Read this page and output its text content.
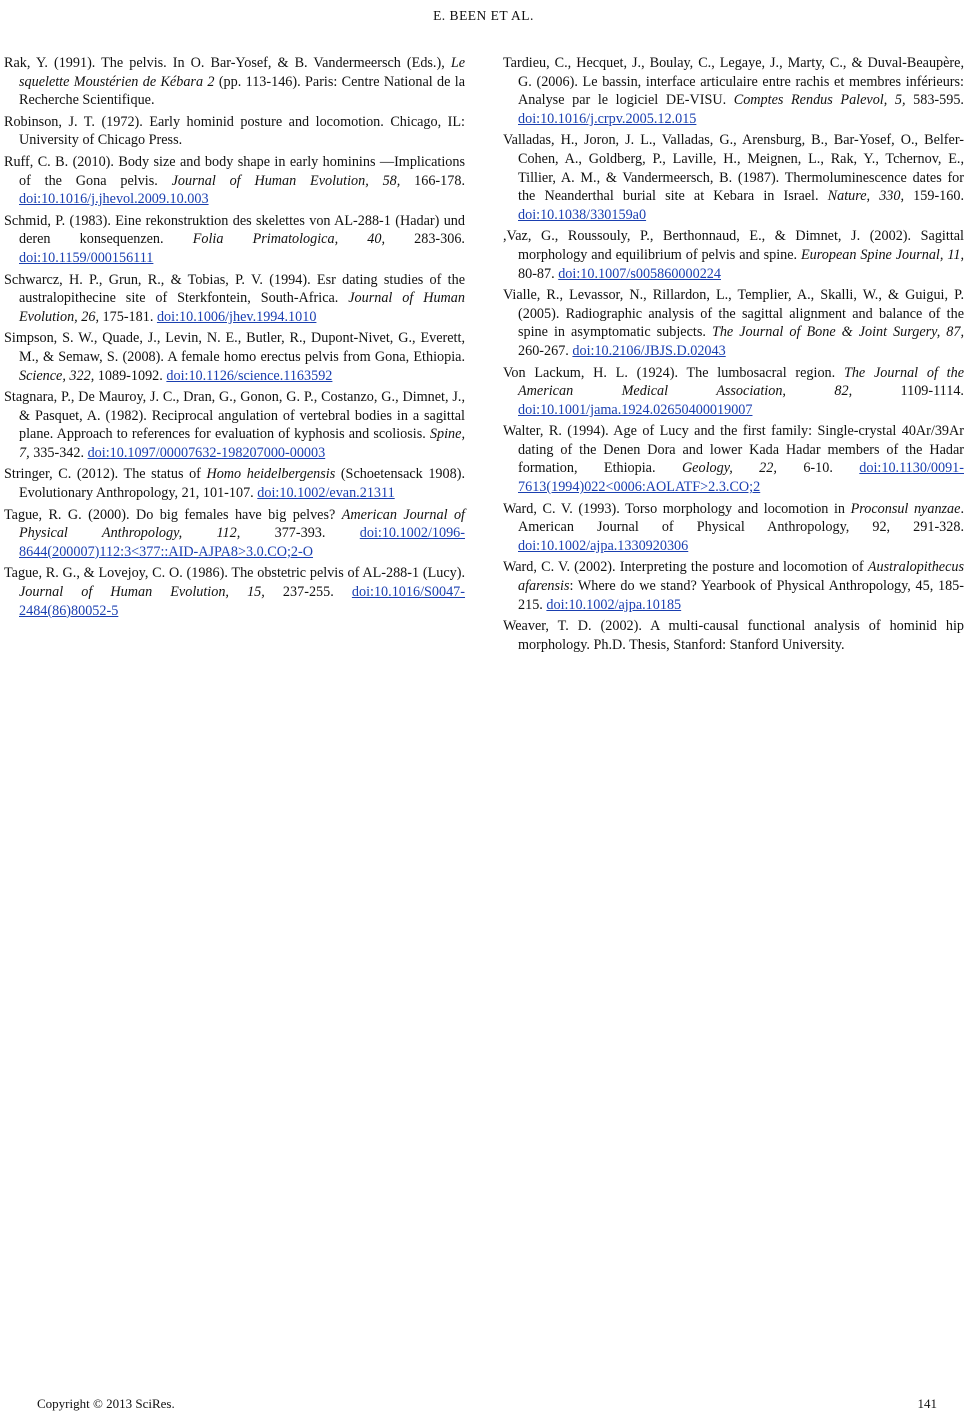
E. BEEN ET AL.

Rak, Y. (1991). The pelvis. In O. Bar-Yosef, & B. Vandermeersch (Eds.), Le squelette Moustérien de Kébara 2 (pp. 113-146). Paris: Centre National de la Recherche Scientifique.

Robinson, J. T. (1972). Early hominid posture and locomotion. Chicago, IL: University of Chicago Press.

Ruff, C. B. (2010). Body size and body shape in early hominins —Implications of the Gona pelvis. Journal of Human Evolution, 58, 166-178. doi:10.1016/j.jhevol.2009.10.003

Schmid, P. (1983). Eine rekonstruktion des skelettes von AL-288-1 (Hadar) und deren konsequenzen. Folia Primatologica, 40, 283-306. doi:10.1159/000156111

Schwarcz, H. P., Grun, R., & Tobias, P. V. (1994). Esr dating studies of the australopithecine site of Sterkfontein, South-Africa. Journal of Human Evolution, 26, 175-181. doi:10.1006/jhev.1994.1010

Simpson, S. W., Quade, J., Levin, N. E., Butler, R., Dupont-Nivet, G., Everett, M., & Semaw, S. (2008). A female homo erectus pelvis from Gona, Ethiopia. Science, 322, 1089-1092. doi:10.1126/science.1163592

Stagnara, P., De Mauroy, J. C., Dran, G., Gonon, G. P., Costanzo, G., Dimnet, J., & Pasquet, A. (1982). Reciprocal angulation of vertebral bodies in a sagittal plane. Approach to references for evaluation of kyphosis and scoliosis. Spine, 7, 335-342. doi:10.1097/00007632-198207000-00003

Stringer, C. (2012). The status of Homo heidelbergensis (Schoetensack 1908). Evolutionary Anthropology, 21, 101-107. doi:10.1002/evan.21311

Tague, R. G. (2000). Do big females have big pelves? American Journal of Physical Anthropology, 112, 377-393. doi:10.1002/1096-8644(200007)112:3<377::AID-AJPA8>3.0.CO;2-O

Tague, R. G., & Lovejoy, C. O. (1986). The obstetric pelvis of AL-288-1 (Lucy). Journal of Human Evolution, 15, 237-255. doi:10.1016/S0047-2484(86)80052-5

Tardieu, C., Hecquet, J., Boulay, C., Legaye, J., Marty, C., & Duval-Beaupère, G. (2006). Le bassin, interface articulaire entre rachis et membres inférieurs: Analyse par le logiciel DE-VISU. Comptes Rendus Palevol, 5, 583-595. doi:10.1016/j.crpv.2005.12.015

Valladas, H., Joron, J. L., Valladas, G., Arensburg, B., Bar-Yosef, O., Belfer-Cohen, A., Goldberg, P., Laville, H., Meignen, L., Rak, Y., Tchernov, E., Tillier, A. M., & Vandermeersch, B. (1987). Thermoluminescence dates for the Neanderthal burial site at Kebara in Israel. Nature, 330, 159-160. doi:10.1038/330159a0

,Vaz, G., Roussouly, P., Berthonnaud, E., & Dimnet, J. (2002). Sagittal morphology and equilibrium of pelvis and spine. European Spine Journal, 11, 80-87. doi:10.1007/s005860000224

Vialle, R., Levassor, N., Rillardon, L., Templier, A., Skalli, W., & Guigui, P. (2005). Radiographic analysis of the sagittal alignment and balance of the spine in asymptomatic subjects. The Journal of Bone & Joint Surgery, 87, 260-267. doi:10.2106/JBJS.D.02043

Von Lackum, H. L. (1924). The lumbosacral region. The Journal of the American Medical Association, 82, 1109-1114. doi:10.1001/jama.1924.02650400019007

Walter, R. (1994). Age of Lucy and the first family: Single-crystal 40Ar/39Ar dating of the Denen Dora and lower Kada Hadar members of the Hadar formation, Ethiopia. Geology, 22, 6-10. doi:10.1130/0091-7613(1994)022<0006:AOLATF>2.3.CO;2

Ward, C. V. (1993). Torso morphology and locomotion in Proconsul nyanzae. American Journal of Physical Anthropology, 92, 291-328. doi:10.1002/ajpa.1330920306

Ward, C. V. (2002). Interpreting the posture and locomotion of Australopithecus afarensis: Where do we stand? Yearbook of Physical Anthropology, 45, 185-215. doi:10.1002/ajpa.10185

Weaver, T. D. (2002). A multi-causal functional analysis of hominid hip morphology. Ph.D. Thesis, Stanford: Stanford University.

Copyright © 2013 SciRes.	141
